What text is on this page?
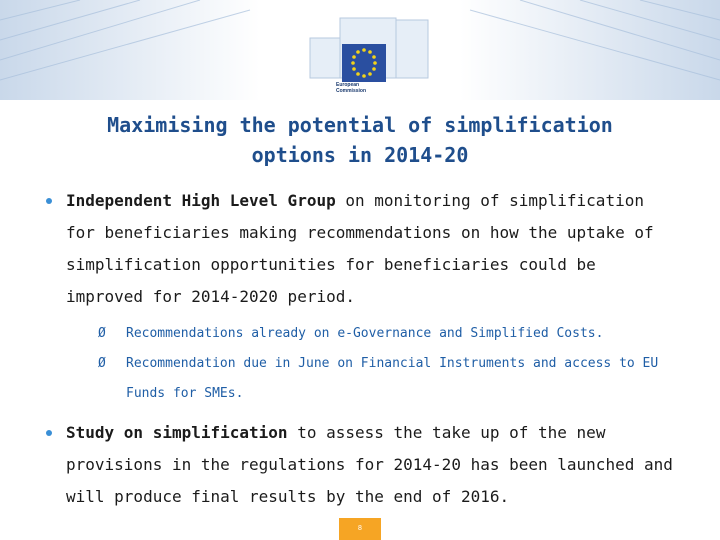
European
Commission
Maximising the potential of simplification
options in 2014-20
Independent High Level Group on monitoring of simplification for beneficiaries making recommendations on how the uptake of simplification opportunities for beneficiaries could be improved for 2014-2020 period.
Ø Recommendations already on e-Governance and Simplified Costs.
Ø Recommendation due in June on Financial Instruments and access to EU Funds for SMEs.
Study on simplification to assess the take up of the new provisions in the regulations for 2014-20 has been launched and will produce final results by the end of 2016.
8
